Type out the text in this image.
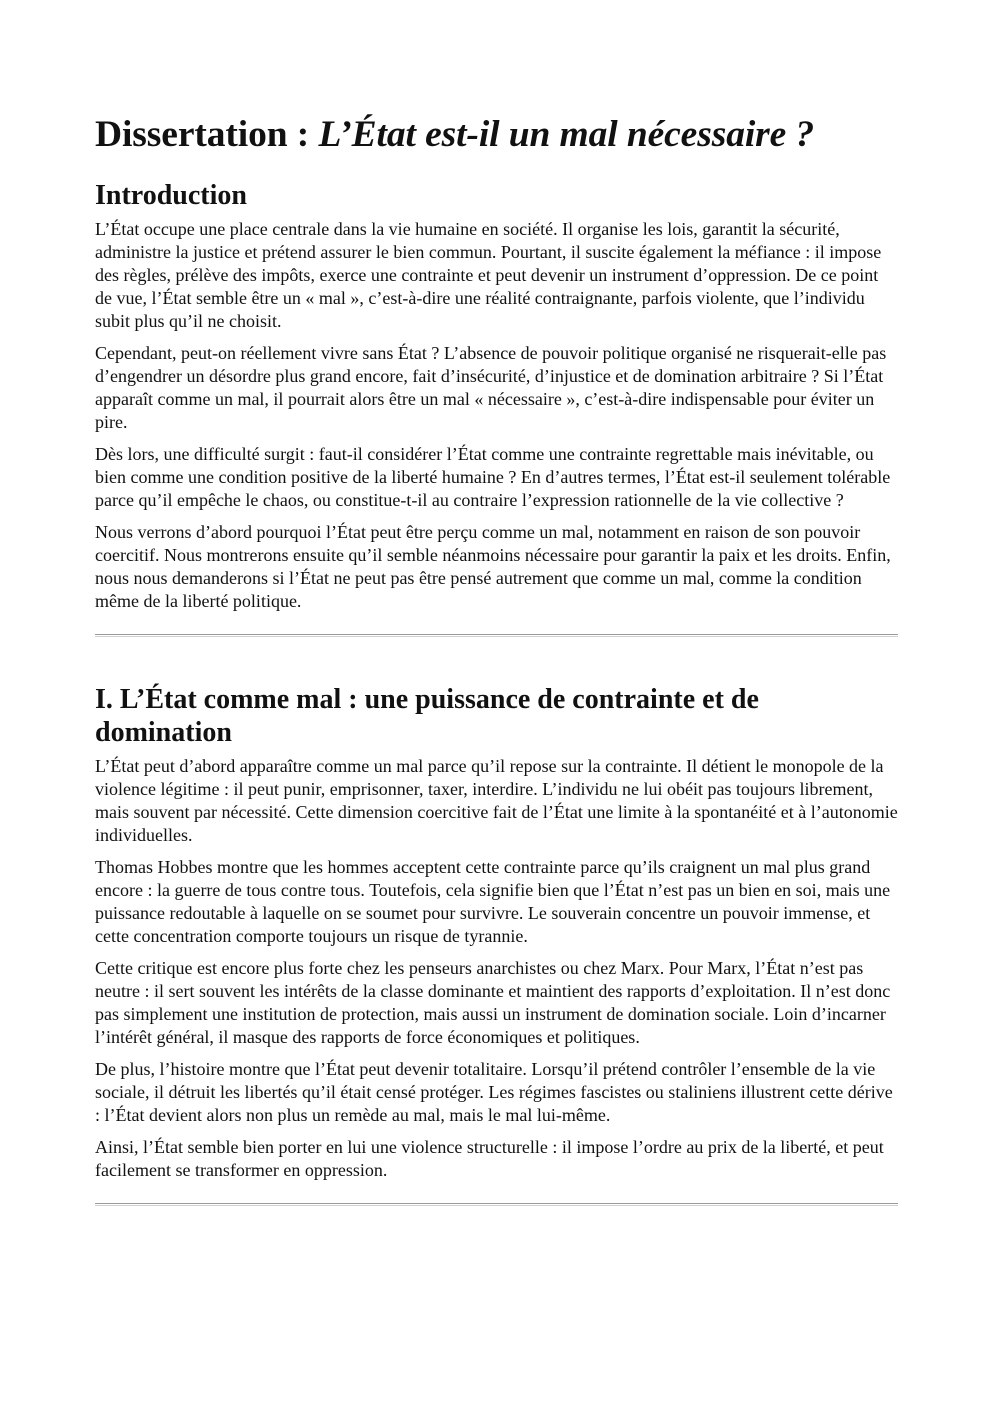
Dissertation : L’État est-il un mal nécessaire ?
Introduction

L’État occupe une place centrale dans la vie humaine en société. Il organise les lois, garantit la sécurité, administre la justice et prétend assurer le bien commun. Pourtant, il suscite également la méfiance : il impose des règles, prélève des impôts, exerce une contrainte et peut devenir un instrument d’oppression. De ce point de vue, l’État semble être un « mal », c’est-à-dire une réalité contraignante, parfois violente, que l’individu subit plus qu’il ne choisit.

Cependant, peut-on réellement vivre sans État ? L’absence de pouvoir politique organisé ne risquerait-elle pas d’engendrer un désordre plus grand encore, fait d’insécurité, d’injustice et de domination arbitraire ? Si l’État apparaît comme un mal, il pourrait alors être un mal « nécessaire », c’est-à-dire indispensable pour éviter un pire.

Dès lors, une difficulté surgit : faut-il considérer l’État comme une contrainte regrettable mais inévitable, ou bien comme une condition positive de la liberté humaine ? En d’autres termes, l’État est-il seulement tolérable parce qu’il empêche le chaos, ou constitue-t-il au contraire l’expression rationnelle de la vie collective ?

Nous verrons d’abord pourquoi l’État peut être perçu comme un mal, notamment en raison de son pouvoir coercitif. Nous montrerons ensuite qu’il semble néanmoins nécessaire pour garantir la paix et les droits. Enfin, nous nous demanderons si l’État ne peut pas être pensé autrement que comme un mal, comme la condition même de la liberté politique.

I. L’État comme mal : une puissance de contrainte et de domination

L’État peut d’abord apparaître comme un mal parce qu’il repose sur la contrainte. Il détient le monopole de la violence légitime : il peut punir, emprisonner, taxer, interdire. L’individu ne lui obéit pas toujours librement, mais souvent par nécessité. Cette dimension coercitive fait de l’État une limite à la spontanéité et à l’autonomie individuelles.

Thomas Hobbes montre que les hommes acceptent cette contrainte parce qu’ils craignent un mal plus grand encore : la guerre de tous contre tous. Toutefois, cela signifie bien que l’État n’est pas un bien en soi, mais une puissance redoutable à laquelle on se soumet pour survivre. Le souverain concentre un pouvoir immense, et cette concentration comporte toujours un risque de tyrannie.

Cette critique est encore plus forte chez les penseurs anarchistes ou chez Marx. Pour Marx, l’État n’est pas neutre : il sert souvent les intérêts de la classe dominante et maintient des rapports d’exploitation. Il n’est donc pas simplement une institution de protection, mais aussi un instrument de domination sociale. Loin d’incarner l’intérêt général, il masque des rapports de force économiques et politiques.

De plus, l’histoire montre que l’État peut devenir totalitaire. Lorsqu’il prétend contrôler l’ensemble de la vie sociale, il détruit les libertés qu’il était censé protéger. Les régimes fascistes ou staliniens illustrent cette dérive : l’État devient alors non plus un remède au mal, mais le mal lui-même.

Ainsi, l’État semble bien porter en lui une violence structurelle : il impose l’ordre au prix de la liberté, et peut facilement se transformer en oppression.
